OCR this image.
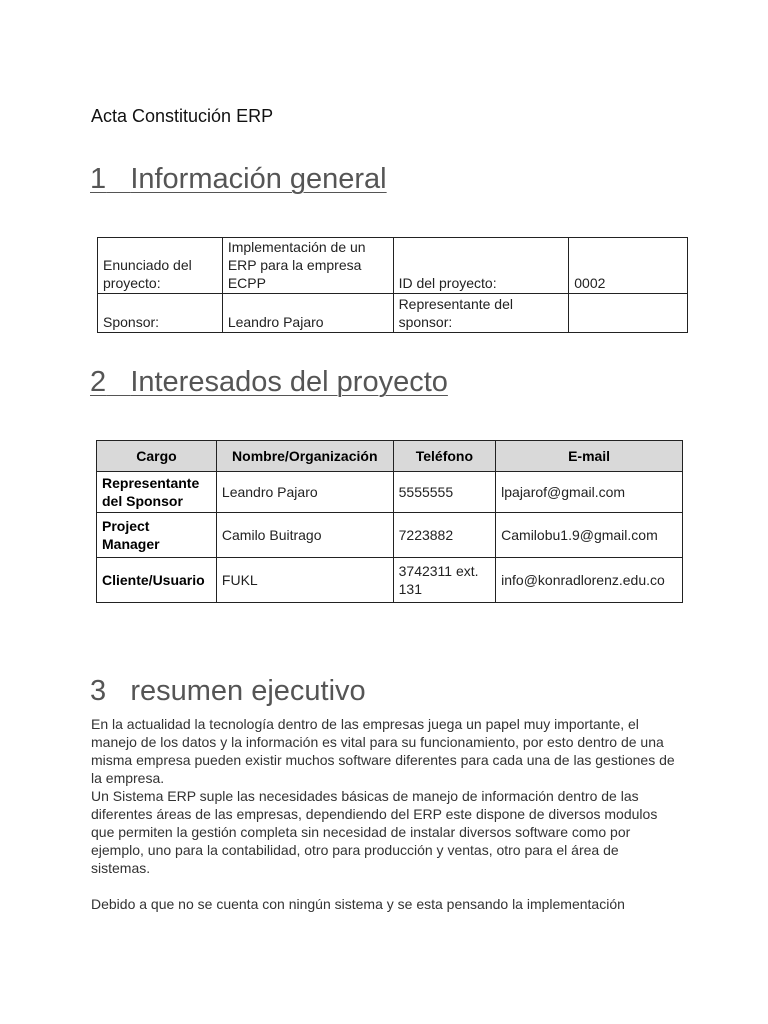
Acta Constitución ERP
1 Información general
Enunciado del proyecto:	Implementación de un ERP para la empresa ECPP	ID del proyecto:	0002
Sponsor:	Leandro Pajaro	Representante del sponsor:	
2 Interesados del proyecto
Cargo	Nombre/Organización	Teléfono	E-mail
Representante del Sponsor	Leandro Pajaro	5555555	lpajarof@gmail.com
Project Manager	Camilo Buitrago	7223882	Camilobu1.9@gmail.com
Cliente/Usuario	FUKL	3742311 ext. 131	info@konradlorenz.edu.co
3 resumen ejecutivo

En la actualidad la tecnología dentro de las empresas juega un papel muy importante, el manejo de los datos y la información es vital para su funcionamiento, por esto dentro de una misma empresa pueden existir muchos software diferentes para cada una de las gestiones de la empresa.

Un Sistema ERP suple las necesidades básicas de manejo de información dentro de las diferentes áreas de las empresas, dependiendo del ERP este dispone de diversos modulos que permiten la gestión completa sin necesidad de instalar diversos software como por ejemplo, uno para la contabilidad, otro para producción y ventas, otro para el área de sistemas.

Debido a que no se cuenta con ningún sistema y se esta pensando la implementación
